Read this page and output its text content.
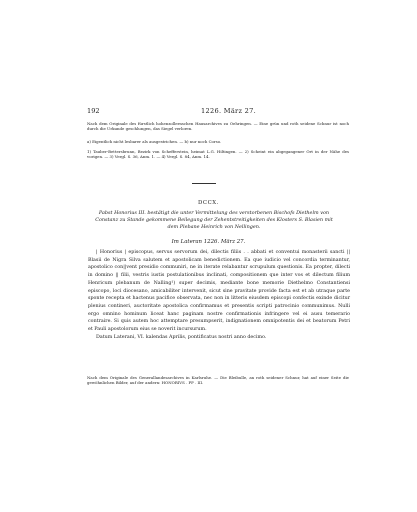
192	1226. März 27.
Nach dem Originale des fürstlich hohenzollernschen Hausarchives zu Oehringen. — Eine grün und roth seidene Schnur ist noch durch die Urkunde geschlungen, das Siegel verloren.
a) Eigentlich nicht lesbarer als ausgestrichen. — b) nur noch Corso.
1) Tauber-Bettersbrunn, Bezirk von Schefferstein, heimat L.G. Hiltingen. — 2) Scheint ein abgegangener Ort in der Nähe des vorigen. — 3) Vergl. S. 36, Anm. 1. — 4) Vergl. S. 84, Anm. 14.
DCCX.
Pabst Honorius III. bestätigt die unter Vermittelung des verstorbenen Bischofs Diethelm von Constanz zu Stande gekommene Beilegung der Zehentstreitigkeiten des Klosters S. Blasien mit dem Plebane Heinrich von Nellingen.
Im Lateran 1226. März 27.

| Honorius | episcopus, servus servorum dei, dilectis filiis . . abbati et conventui monasterii sancti || Blasii de Nigra Silva salutem et apostolicam benedictionem. Ea que iudicio vel concordia terminantur, apostolico con||vent presidio communiri, ne in iterate relabantur scrupulum questionis. Ea propter, dilecti in domino || filii, vestris iustis postulationibus inclinati, compositionem que inter vos et dilectum filium Henricum plebanum de Nalling¹) super decimis, mediante bone memorie Diethelmo Constantiensi episcopo, loci diocesano, amicabiliter intervenit, sicut sine pravitate provide facta est et ab utraque parte sponte recepta et hactenus pacifice observata, nec non in litteris eiusdem episcopi confectis exinde dicitur plenius contineri, auctoritate apostolica confirmamus et presentis scripti patrocinio communimus. Nulli ergo omnino hominum liceat hanc paginam nostre confirmationis infringere vel ei ausu temerario contraire. Si quis autem hoc attemptare presumpserit, indignationem omnipotentis dei et beatorum Petri et Pauli apostolorum eius se noverit incursurum.

Datum Laterani, VI. kalendas Aprilis, pontificatus nostri anno decimo.

Nach dem Originale des Generallandesarchives in Karlsruhe. — Die Bleibulle, an roth seidener Schnur, hat auf einer Seite die gewöhnlichen Bilder, auf der andern: HONORIVS . PP . III.
